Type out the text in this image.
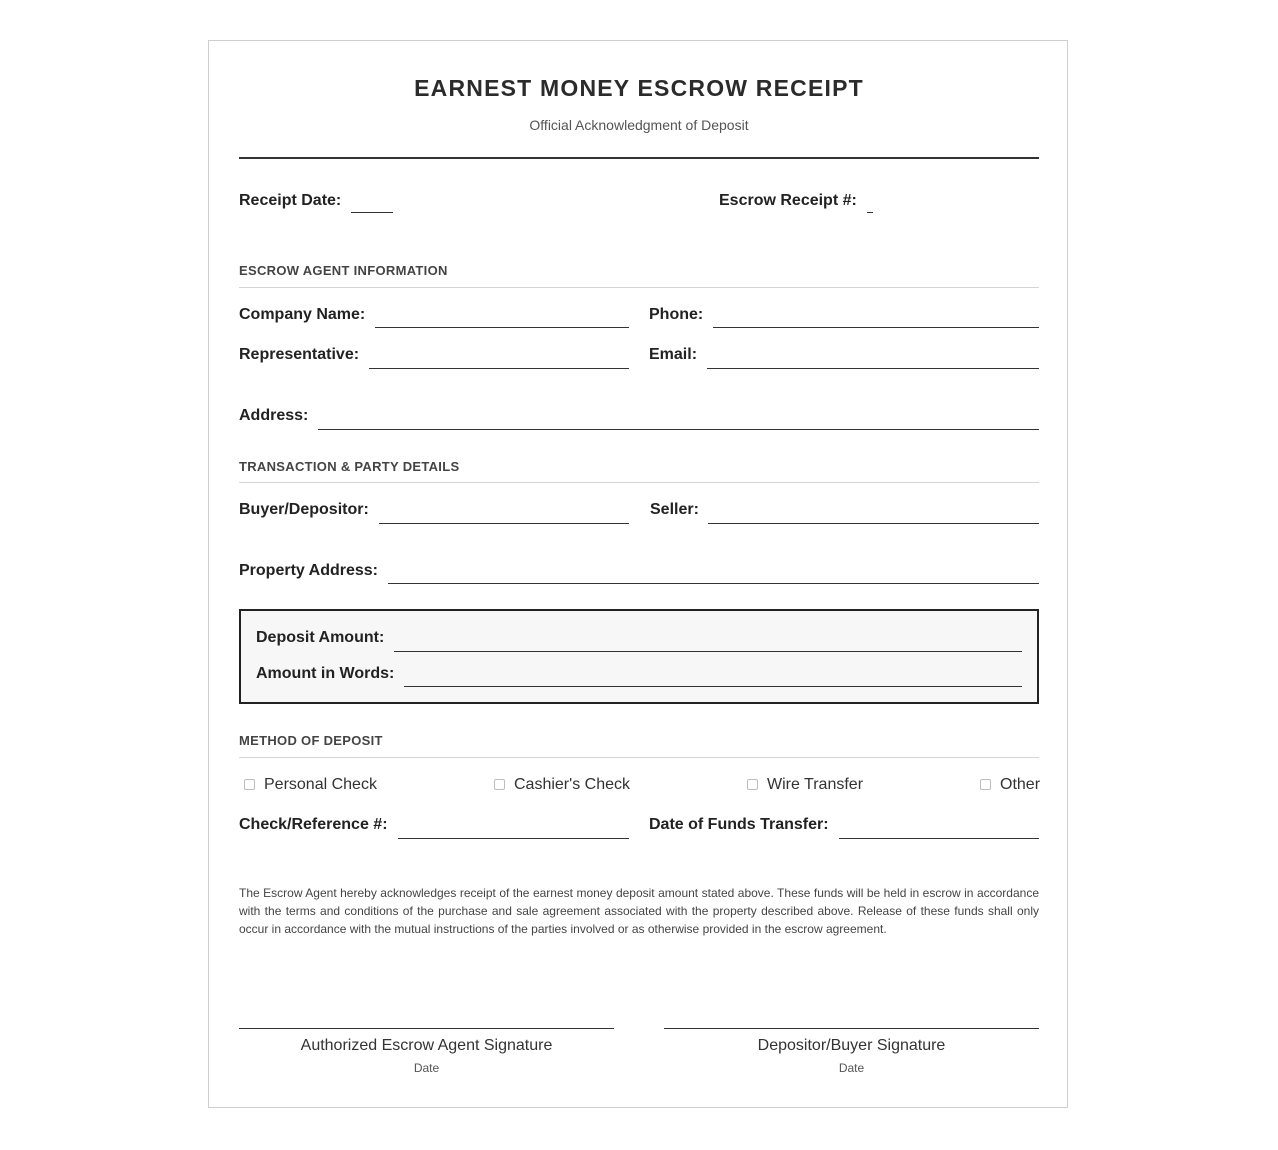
EARNEST MONEY ESCROW RECEIPT
Official Acknowledgment of Deposit
Receipt Date:	Escrow Receipt #:
ESCROW AGENT INFORMATION
Company Name:	Phone:
Representative:	Email:
Address:
TRANSACTION & PARTY DETAILS
Buyer/Depositor:	Seller:
Property Address:
Deposit Amount:
Amount in Words:
METHOD OF DEPOSIT
Personal Check	Cashier's Check	Wire Transfer	Other
Check/Reference #:	Date of Funds Transfer:
The Escrow Agent hereby acknowledges receipt of the earnest money deposit amount stated above. These funds will be held in escrow in accordance with the terms and conditions of the purchase and sale agreement associated with the property described above. Release of these funds shall only occur in accordance with the mutual instructions of the parties involved or as otherwise provided in the escrow agreement.
Authorized Escrow Agent Signature
Date
Depositor/Buyer Signature
Date
